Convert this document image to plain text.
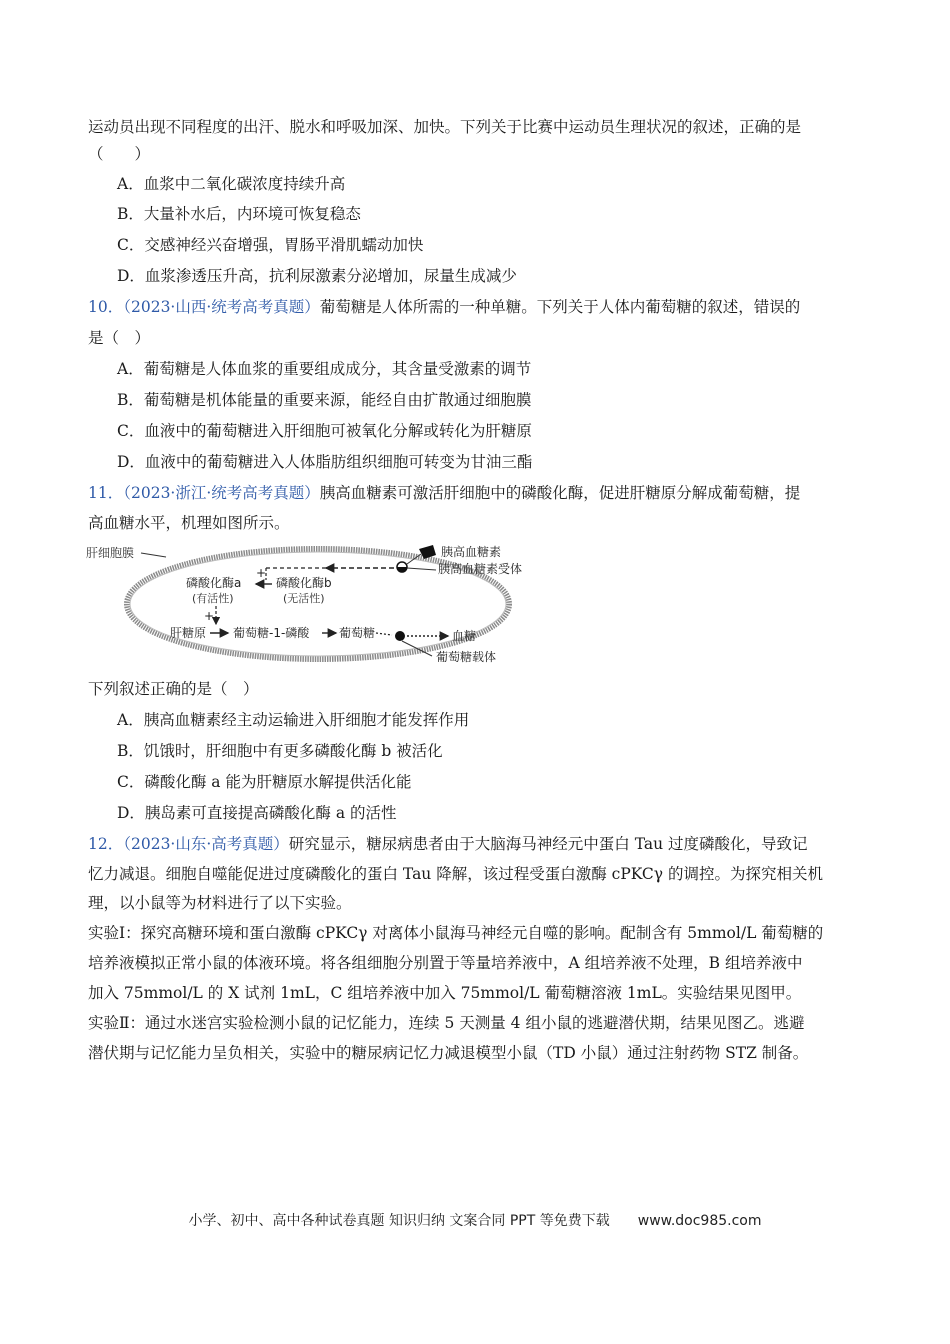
运动员出现不同程度的出汗、脱水和呼吸加深、加快。下列关于比赛中运动员生理状况的叙述，正确的是
（　　）
A．血浆中二氧化碳浓度持续升高
B．大量补水后，内环境可恢复稳态
C．交感神经兴奋增强，胃肠平滑肌蠕动加快
D．血浆渗透压升高，抗利尿激素分泌增加，尿量生成减少
10．（2023·山西·统考高考真题）葡萄糖是人体所需的一种单糖。下列关于人体内葡萄糖的叙述，错误的
是（　）
A．葡萄糖是人体血浆的重要组成成分，其含量受激素的调节
B．葡萄糖是机体能量的重要来源，能经自由扩散通过细胞膜
C．血液中的葡萄糖进入肝细胞可被氧化分解或转化为肝糖原
D．血液中的葡萄糖进入人体脂肪组织细胞可转变为甘油三酯
11．（2023·浙江·统考高考真题）胰高血糖素可激活肝细胞中的磷酸化酶，促进肝糖原分解成葡萄糖，提
高血糖水平，机理如图所示。
肝细胞膜	胰高血糖素
胰高血糖素受体
+
磷酸化酶b
(无活性)
磷酸化酶a
(有活性)
+
肝糖原 葡萄糖-1-磷酸 葡萄糖	血糖
葡萄糖载体
下列叙述正确的是（　）
A．胰高血糖素经主动运输进入肝细胞才能发挥作用
B．饥饿时，肝细胞中有更多磷酸化酶 b 被活化
C．磷酸化酶 a 能为肝糖原水解提供活化能
D．胰岛素可直接提高磷酸化酶 a 的活性
12．（2023·山东·高考真题）研究显示，糖尿病患者由于大脑海马神经元中蛋白 Tau 过度磷酸化，导致记
忆力减退。细胞自噬能促进过度磷酸化的蛋白 Tau 降解，该过程受蛋白激酶 cPKCγ 的调控。为探究相关机
理，以小鼠等为材料进行了以下实验。
实验Ⅰ：探究高糖环境和蛋白激酶 cPKCγ 对离体小鼠海马神经元自噬的影响。配制含有 5mmol/L 葡萄糖的
培养液模拟正常小鼠的体液环境。将各组细胞分别置于等量培养液中，A 组培养液不处理，B 组培养液中
加入 75mmol/L 的 X 试剂 1mL，C 组培养液中加入 75mmol/L 葡萄糖溶液 1mL。实验结果见图甲。
实验Ⅱ：通过水迷宫实验检测小鼠的记忆能力，连续 5 天测量 4 组小鼠的逃避潜伏期，结果见图乙。逃避
潜伏期与记忆能力呈负相关，实验中的糖尿病记忆力减退模型小鼠（TD 小鼠）通过注射药物 STZ 制备。
小学、初中、高中各种试卷真题 知识归纳 文案合同 PPT 等免费下载 www.doc985.com
